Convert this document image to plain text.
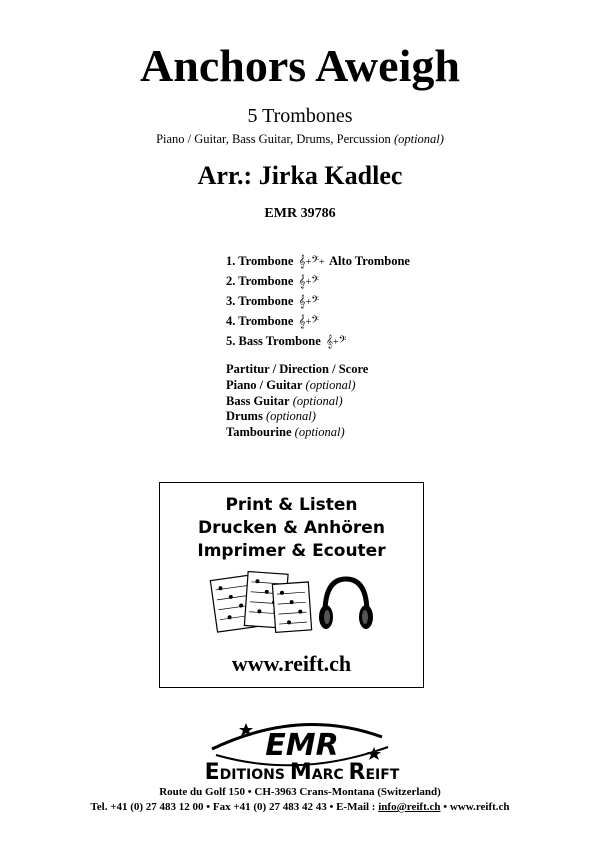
Anchors Aweigh
5 Trombones
Piano / Guitar, Bass Guitar, Drums, Percussion (optional)
Arr.: Jirka Kadlec
EMR 39786
1. Trombone 𝄞+𝄢+ Alto Trombone
2. Trombone 𝄞+𝄢
3. Trombone 𝄞+𝄢
4. Trombone 𝄞+𝄢
5. Bass Trombone 𝄞+𝄢
Partitur / Direction / Score
Piano / Guitar (optional)
Bass Guitar (optional)
Drums (optional)
Tambourine (optional)
Print & Listen
Drucken & Anhören
Imprimer & Ecouter
www.reift.ch
EMR
EDITIONS MARC REIFT
Route du Golf 150 • CH-3963 Crans-Montana (Switzerland)
Tel. +41 (0) 27 483 12 00 • Fax +41 (0) 27 483 42 43 • E-Mail : info@reift.ch • www.reift.ch
